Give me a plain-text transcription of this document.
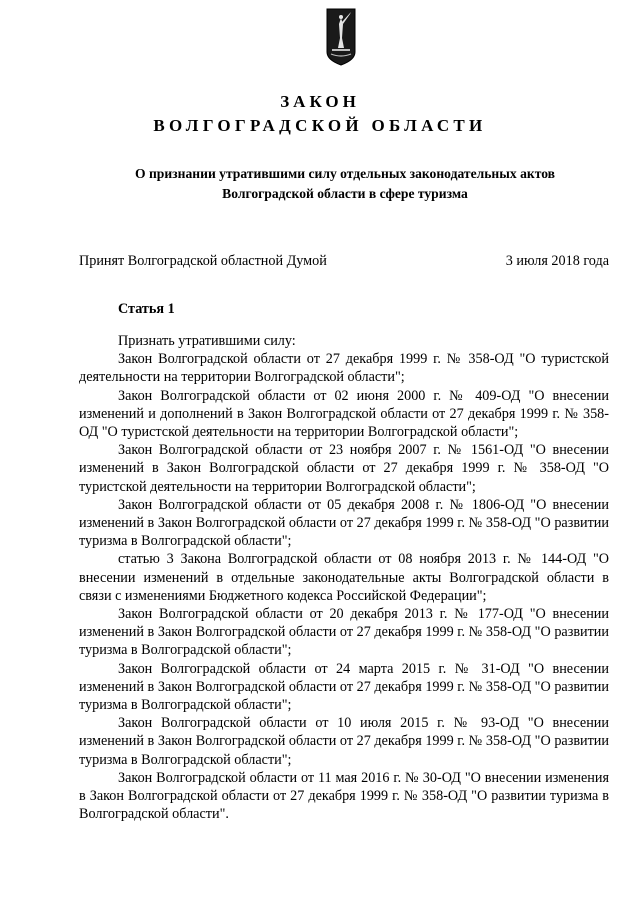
ЗАКОН
ВОЛГОГРАДСКОЙ ОБЛАСТИ
О признании утратившими силу отдельных законодательных актов
Волгоградской области в сфере туризма
Принят Волгоградской областной Думой	3 июля 2018 года
Статья 1

Признать утратившими силу:

Закон Волгоградской области от 27 декабря 1999 г. № 358-ОД "О туристской деятельности на территории Волгоградской области";

Закон Волгоградской области от 02 июня 2000 г. № 409-ОД "О внесении изменений и дополнений в Закон Волгоградской области от 27 декабря 1999 г. № 358-ОД "О туристской деятельности на территории Волгоградской области";

Закон Волгоградской области от 23 ноября 2007 г. № 1561-ОД "О внесении изменений в Закон Волгоградской области от 27 декабря 1999 г. № 358-ОД "О туристской деятельности на территории Волгоградской области";

Закон Волгоградской области от 05 декабря 2008 г. № 1806-ОД "О внесении изменений в Закон Волгоградской области от 27 декабря 1999 г. № 358-ОД "О развитии туризма в Волгоградской области";

статью 3 Закона Волгоградской области от 08 ноября 2013 г. № 144-ОД "О внесении изменений в отдельные законодательные акты Волгоградской области в связи с изменениями Бюджетного кодекса Российской Федерации";

Закон Волгоградской области от 20 декабря 2013 г. № 177-ОД "О внесении изменений в Закон Волгоградской области от 27 декабря 1999 г. № 358-ОД "О развитии туризма в Волгоградской области";

Закон Волгоградской области от 24 марта 2015 г. № 31-ОД "О внесении изменений в Закон Волгоградской области от 27 декабря 1999 г. № 358-ОД "О развитии туризма в Волгоградской области";

Закон Волгоградской области от 10 июля 2015 г. № 93-ОД "О внесении изменений в Закон Волгоградской области от 27 декабря 1999 г. № 358-ОД "О развитии туризма в Волгоградской области";

Закон Волгоградской области от 11 мая 2016 г. № 30-ОД "О внесении изменения в Закон Волгоградской области от 27 декабря 1999 г. № 358-ОД "О развитии туризма в Волгоградской области".
